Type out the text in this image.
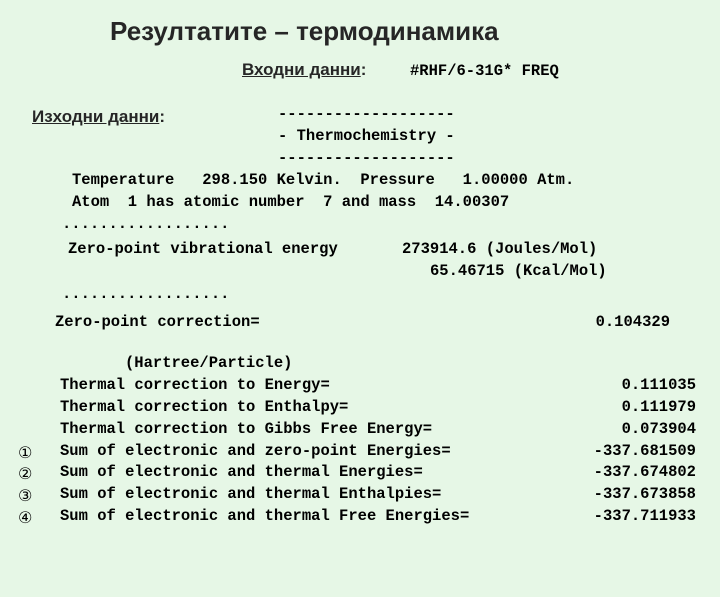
Резултатите – термодинамика
Входни данни:	#RHF/6-31G* FREQ
Изходни данни:	-------------------
- Thermochemistry -
-------------------
Temperature   298.150 Kelvin.  Pressure   1.00000 Atm.
Atom  1 has atomic number  7 and mass  14.00307
..................
Zero-point vibrational energy	273914.6 (Joules/Mol)
65.46715 (Kcal/Mol)
..................
Zero-point correction=	0.104329
(Hartree/Particle)

Thermal correction to Energy=

	0.111035

Thermal correction to Enthalpy=

	0.111979

Thermal correction to Gibbs Free Energy=

	0.073904

①

Sum of electronic and zero-point Energies=

	-337.681509

②

Sum of electronic and thermal Energies=

	-337.674802

③

Sum of electronic and thermal Enthalpies=

	-337.673858

④

Sum of electronic and thermal Free Energies=

	-337.711933
